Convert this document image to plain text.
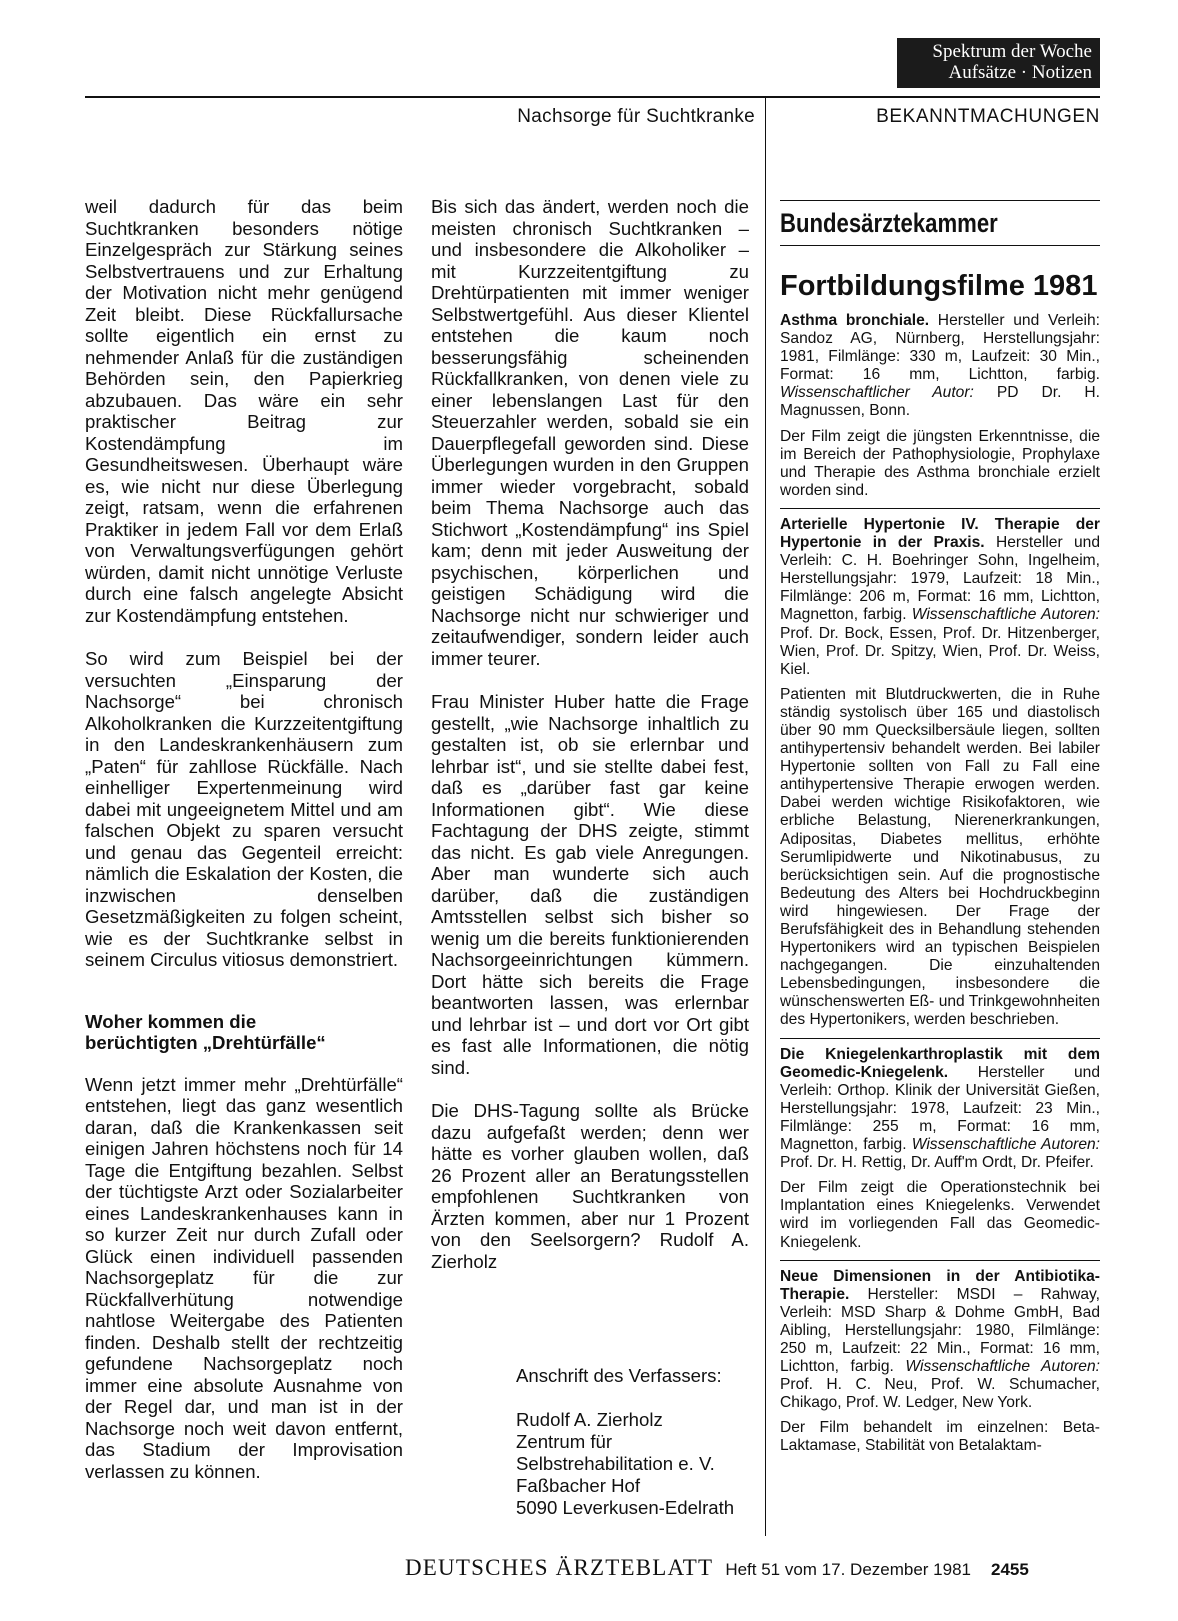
Spektrum der Woche
Aufsätze · Notizen
Nachsorge für Suchtkranke	BEKANNTMACHUNGEN

weil dadurch für das beim Suchtkranken besonders nötige Einzelgespräch zur Stärkung seines Selbstvertrauens und zur Erhaltung der Motivation nicht mehr genügend Zeit bleibt. Diese Rückfallursache sollte eigentlich ein ernst zu nehmender Anlaß für die zuständigen Behörden sein, den Papierkrieg abzubauen. Das wäre ein sehr praktischer Beitrag zur Kostendämpfung im Gesundheitswesen. Überhaupt wäre es, wie nicht nur diese Überlegung zeigt, ratsam, wenn die erfahrenen Praktiker in jedem Fall vor dem Erlaß von Verwaltungsverfügungen gehört würden, damit nicht unnötige Verluste durch eine falsch angelegte Absicht zur Kostendämpfung entstehen.

So wird zum Beispiel bei der versuchten „Einsparung der Nachsorge“ bei chronisch Alkoholkranken die Kurzzeitentgiftung in den Landeskrankenhäusern zum „Paten“ für zahllose Rückfälle. Nach einhelliger Expertenmeinung wird dabei mit ungeeignetem Mittel und am falschen Objekt zu sparen versucht und genau das Gegenteil erreicht: nämlich die Eskalation der Kosten, die inzwischen denselben Gesetzmäßigkeiten zu folgen scheint, wie es der Suchtkranke selbst in seinem Circulus vitiosus demonstriert.

Woher kommen die
berüchtigten „Drehtürfälle“

Wenn jetzt immer mehr „Drehtürfälle“ entstehen, liegt das ganz wesentlich daran, daß die Krankenkassen seit einigen Jahren höchstens noch für 14 Tage die Entgiftung bezahlen. Selbst der tüchtigste Arzt oder Sozialarbeiter eines Landeskrankenhauses kann in so kurzer Zeit nur durch Zufall oder Glück einen individuell passenden Nachsorgeplatz für die zur Rückfallverhütung notwendige nahtlose Weitergabe des Patienten finden. Deshalb stellt der rechtzeitig gefundene Nachsorgeplatz noch immer eine absolute Ausnahme von der Regel dar, und man ist in der Nachsorge noch weit davon entfernt, das Stadium der Improvisation verlassen zu können.

Bis sich das ändert, werden noch die meisten chronisch Suchtkranken – und insbesondere die Alkoholiker – mit Kurzzeitentgiftung zu Drehtürpatienten mit immer weniger Selbstwertgefühl. Aus dieser Klientel entstehen die kaum noch besserungsfähig scheinenden Rückfallkranken, von denen viele zu einer lebenslangen Last für den Steuerzahler werden, sobald sie ein Dauerpflegefall geworden sind. Diese Überlegungen wurden in den Gruppen immer wieder vorgebracht, sobald beim Thema Nachsorge auch das Stichwort „Kostendämpfung“ ins Spiel kam; denn mit jeder Ausweitung der psychischen, körperlichen und geistigen Schädigung wird die Nachsorge nicht nur schwieriger und zeitaufwendiger, sondern leider auch immer teurer.

Frau Minister Huber hatte die Frage gestellt, „wie Nachsorge inhaltlich zu gestalten ist, ob sie erlernbar und lehrbar ist“, und sie stellte dabei fest, daß es „darüber fast gar keine Informationen gibt“. Wie diese Fachtagung der DHS zeigte, stimmt das nicht. Es gab viele Anregungen. Aber man wunderte sich auch darüber, daß die zuständigen Amtsstellen selbst sich bisher so wenig um die bereits funktionierenden Nachsorgeeinrichtungen kümmern. Dort hätte sich bereits die Frage beantworten lassen, was erlernbar und lehrbar ist – und dort vor Ort gibt es fast alle Informationen, die nötig sind.

Die DHS-Tagung sollte als Brücke dazu aufgefaßt werden; denn wer hätte es vorher glauben wollen, daß 26 Prozent aller an Beratungsstellen empfohlenen Suchtkranken von Ärzten kommen, aber nur 1 Prozent von den Seelsorgern? Rudolf A. Zierholz

Anschrift des Verfassers:
Rudolf A. Zierholz
Zentrum für
Selbstrehabilitation e. V.
Faßbacher Hof
5090 Leverkusen-Edelrath
Bundesärztekammer
Fortbildungsfilme 1981

Asthma bronchiale. Hersteller und Verleih: Sandoz AG, Nürnberg, Herstellungsjahr: 1981, Filmlänge: 330 m, Laufzeit: 30 Min., Format: 16 mm, Lichtton, farbig. Wissenschaftlicher Autor: PD Dr. H. Magnussen, Bonn.

Der Film zeigt die jüngsten Erkenntnisse, die im Bereich der Pathophysiologie, Prophylaxe und Therapie des Asthma bronchiale erzielt worden sind.

Arterielle Hypertonie IV. Therapie der Hypertonie in der Praxis. Hersteller und Verleih: C. H. Boehringer Sohn, Ingelheim, Herstellungsjahr: 1979, Laufzeit: 18 Min., Filmlänge: 206 m, Format: 16 mm, Lichtton, Magnetton, farbig. Wissenschaftliche Autoren: Prof. Dr. Bock, Essen, Prof. Dr. Hitzenberger, Wien, Prof. Dr. Spitzy, Wien, Prof. Dr. Weiss, Kiel.

Patienten mit Blutdruckwerten, die in Ruhe ständig systolisch über 165 und diastolisch über 90 mm Quecksilbersäule liegen, sollten antihypertensiv behandelt werden. Bei labiler Hypertonie sollten von Fall zu Fall eine antihypertensive Therapie erwogen werden. Dabei werden wichtige Risikofaktoren, wie erbliche Belastung, Nierenerkrankungen, Adipositas, Diabetes mellitus, erhöhte Serumlipidwerte und Nikotinabusus, zu berücksichtigen sein. Auf die prognostische Bedeutung des Alters bei Hochdruckbeginn wird hingewiesen. Der Frage der Berufsfähigkeit des in Behandlung stehenden Hypertonikers wird an typischen Beispielen nachgegangen. Die einzuhaltenden Lebensbedingungen, insbesondere die wünschenswerten Eß- und Trinkgewohnheiten des Hypertonikers, werden beschrieben.

Die Kniegelenkarthroplastik mit dem Geomedic-Kniegelenk. Hersteller und Verleih: Orthop. Klinik der Universität Gießen, Herstellungsjahr: 1978, Laufzeit: 23 Min., Filmlänge: 255 m, Format: 16 mm, Magnetton, farbig. Wissenschaftliche Autoren: Prof. Dr. H. Rettig, Dr. Auff'm Ordt, Dr. Pfeifer.

Der Film zeigt die Operationstechnik bei Implantation eines Kniegelenks. Verwendet wird im vorliegenden Fall das Geomedic-Kniegelenk.

Neue Dimensionen in der Antibiotika-Therapie. Hersteller: MSDI – Rahway, Verleih: MSD Sharp & Dohme GmbH, Bad Aibling, Herstellungsjahr: 1980, Filmlänge: 250 m, Laufzeit: 22 Min., Format: 16 mm, Lichtton, farbig. Wissenschaftliche Autoren: Prof. H. C. Neu, Prof. W. Schumacher, Chikago, Prof. W. Ledger, New York.

Der Film behandelt im einzelnen: Beta-Laktamase, Stabilität von Betalaktam-

DEUTSCHES ÄRZTEBLATT Heft 51 vom 17. Dezember 1981 2455
